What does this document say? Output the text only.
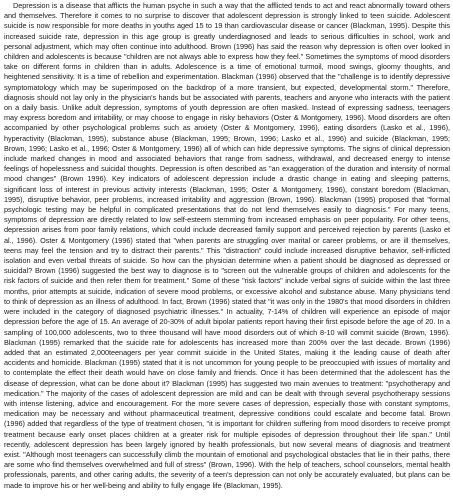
Depression is a disease that afflicts the human psyche in such a way that the afflicted tends to act and react abnormally toward others and themselves. Therefore it comes to no surprise to discover that adolescent depression is strongly linked to teen suicide. Adolescent suicide is now responsible for more deaths in youths aged 15 to 19 than cardiovascular disease or cancer (Blackman, 1995). Despite this increased suicide rate, depression in this age group is greatly underdiagnosed and leads to serious difficulties in school, work and personal adjustment, which may often continue into adulthood. Brown (1996) has said the reason why depression is often over looked in children and adolescents is because "children are not always able to express how they feel." Sometimes the symptoms of mood disorders take on different forms in children than in adults. Adolescence is a time of emotional turmoil, mood swings, gloomy thoughts, and heightened sensitivity. It is a time of rebellion and experimentation. Blackman (1996) observed that the "challenge is to identify depressive symptomatology which may be superimposed on the backdrop of a more transient, but expected, developmental storm." Therefore, diagnosis should not lay only in the physician's hands but be associated with parents, teachers and anyone who interacts with the patient on a daily basis. Unlike adult depression, symptoms of youth depression are often masked. Instead of expressing sadness, teenagers may express boredom and irritability, or may choose to engage in risky behaviors (Oster & Montgomery, 1996). Mood disorders are often accompanied by other psychological problems such as anxiety (Oster & Montgomery, 1996), eating disorders (Lasko et al., 1996), hyperactivity (Blackman, 1995), substance abuse (Blackman, 1995; Brown, 1996; Lasko et al., 1996) and suicide (Blackman, 1995; Brown, 1996; Lasko et al., 1996; Oster & Montgomery, 1996) all of which can hide depressive symptoms. The signs of clinical depression include marked changes in mood and associated behaviors that range from sadness, withdrawal, and decreased energy to intense feelings of hopelessness and suicidal thoughts. Depression is often described as "an exaggeration of the duration and intensity of normal mood changes" (Brown 1996). Key indicators of adolescent depression include a drastic change in eating and sleeping patterns, significant loss of interest in previous activity interests (Blackman, 1995; Oster & Montgomery, 1996), constant boredom (Blackman, 1995), disruptive behavior, peer problems, increased irritability and aggression (Brown, 1996). Blackman (1995) proposed that "formal psychologic testing may be helpful in complicated presentations that do not lend themselves easily to diagnosis." For many teens, symptoms of depression are directly related to low self-esteem stemming from increased emphasis on peer popularity. For other teens, depression arises from poor family relations, which could include decreased family support and perceived rejection by parents (Lasko et al., 1996). Oster & Montgomery (1996) stated that "when parents are struggling over marital or career problems, or are ill themselves, teens may feel the tension and try to distract their parents." This "distraction" could include increased disruptive behavior, self-inflicted isolation and even verbal threats of suicide. So how can the physician determine when a patient should be diagnosed as depressed or suicidal? Brown (1996) suggested the best way to diagnose is to "screen out the vulnerable groups of children and adolescents for the risk factors of suicide and then refer them for treatment." Some of these "risk factors" include verbal signs of suicide within the last three months, prior attempts at suicide, indication of severe mood problems, or excessive alcohol and substance abuse. Many physicians tend to think of depression as an illness of adulthood. In fact, Brown (1996) stated that "it was only in the 1980's that mood disorders in children were included in the category of diagnosed psychiatric illnesses." In actuality, 7-14% of children will experience an episode of major depression before the age of 15. An average of 20-30% of adult bipolar patients report having their first episode before the age of 20. In a sampling of 100,000 adolescents, two to three thousand will have mood disorders out of which 8-10 will commit suicide (Brown, 1996). Blackman (1995) remarked that the suicide rate for adolescents has increased more than 200% over the last decade. Brown (1996) added that an estimated 2,000teenagers per year commit suicide in the United States, making it the leading cause of death after accidents and homicide. Blackman (1995) stated that it is not uncommon for young people to be preoccupied with issues of mortality and to contemplate the effect their death would have on close family and friends. Once it has been determined that the adolescent has the disease of depression, what can be done about it? Blackman (1995) has suggested two main avenues to treatment: "psychotherapy and medication." The majority of the cases of adolescent depression are mild and can be dealt with through several psychotherapy sessions with intense listening, advice and encouragement. For the more severe cases of depression, especially those with constant symptoms, medication may be necessary and without pharmaceutical treatment, depressive conditions could escalate and become fatal. Brown (1996) added that regardless of the type of treatment chosen, "it is important for children suffering from mood disorders to receive prompt treatment because early onset places children at a greater risk for multiple episodes of depression throughout their life span." Until recently, adolescent depression has been largely ignored by health professionals, but now several means of diagnosis and treatment exist. "Although most teenagers can successfully climb the mountain of emotional and psychological obstacles that lie in their paths, there are some who find themselves overwhelmed and full of stress" (Brown, 1996). With the help of teachers, school counselors, mental health professionals, parents, and other caring adults, the severity of a teen's depression can not only be accurately evaluated, but plans can be made to improve his or her well-being and ability to fully engage life (Blackman, 1995).
